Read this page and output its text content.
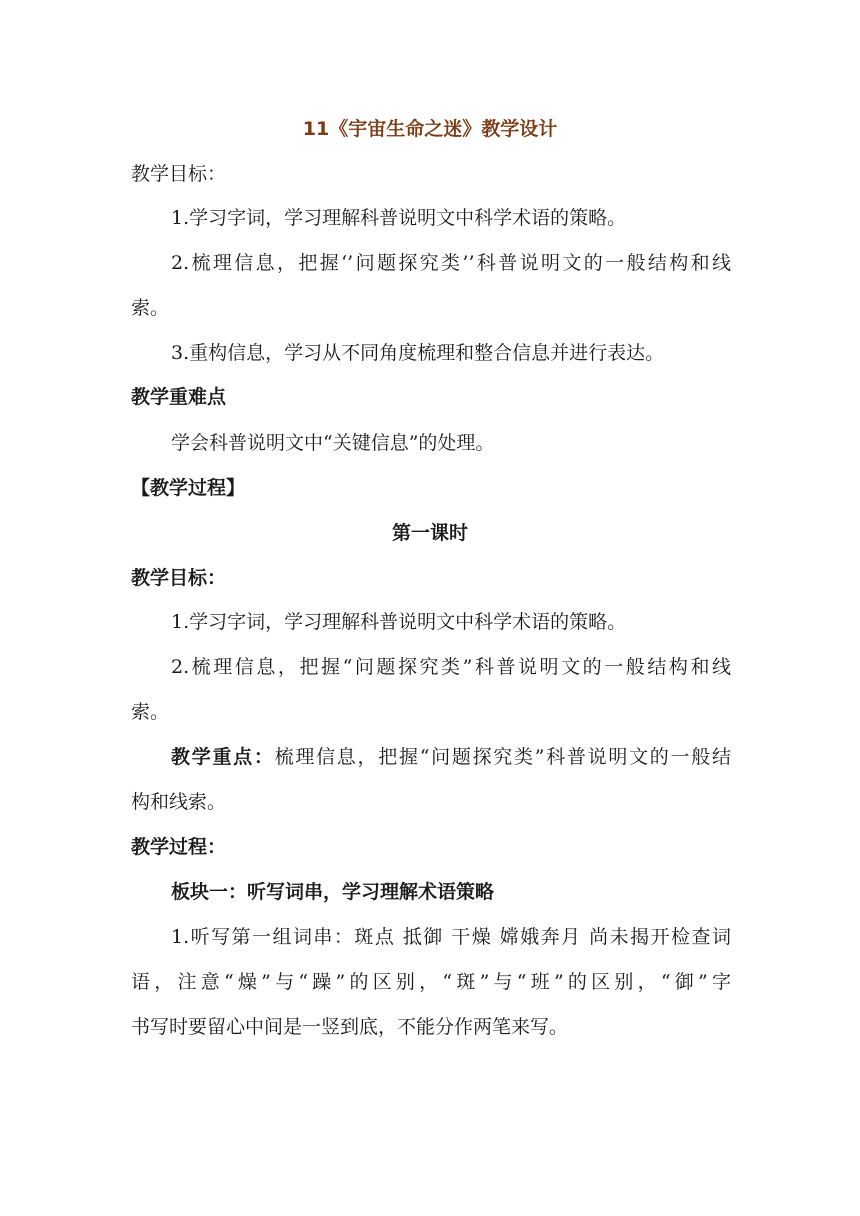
11《宇宙生命之迷》教学设计
教学目标：
1.学习字词，学习理解科普说明文中科学术语的策略。
2.梳理信息，把握‘’问题探究类’’科普说明文的一般结构和线
索。
3.重构信息，学习从不同角度梳理和整合信息并进行表达。
教学重难点
学会科普说明文中“关键信息”的处理。
【教学过程】
第一课时
教学目标：
1.学习字词，学习理解科普说明文中科学术语的策略。
2.梳理信息，把握“问题探究类”科普说明文的一般结构和线
索。
教学重点：梳理信息，把握“问题探究类”科普说明文的一般结
构和线索。
教学过程：
板块一：听写词串，学习理解术语策略
1.听写第一组词串：斑点 抵御 干燥 嫦娥奔月 尚未揭开检查词
语，注意“燥”与“躁”的区别，“斑”与“班”的区别，“御”字
书写时要留心中间是一竖到底，不能分作两笔来写。
